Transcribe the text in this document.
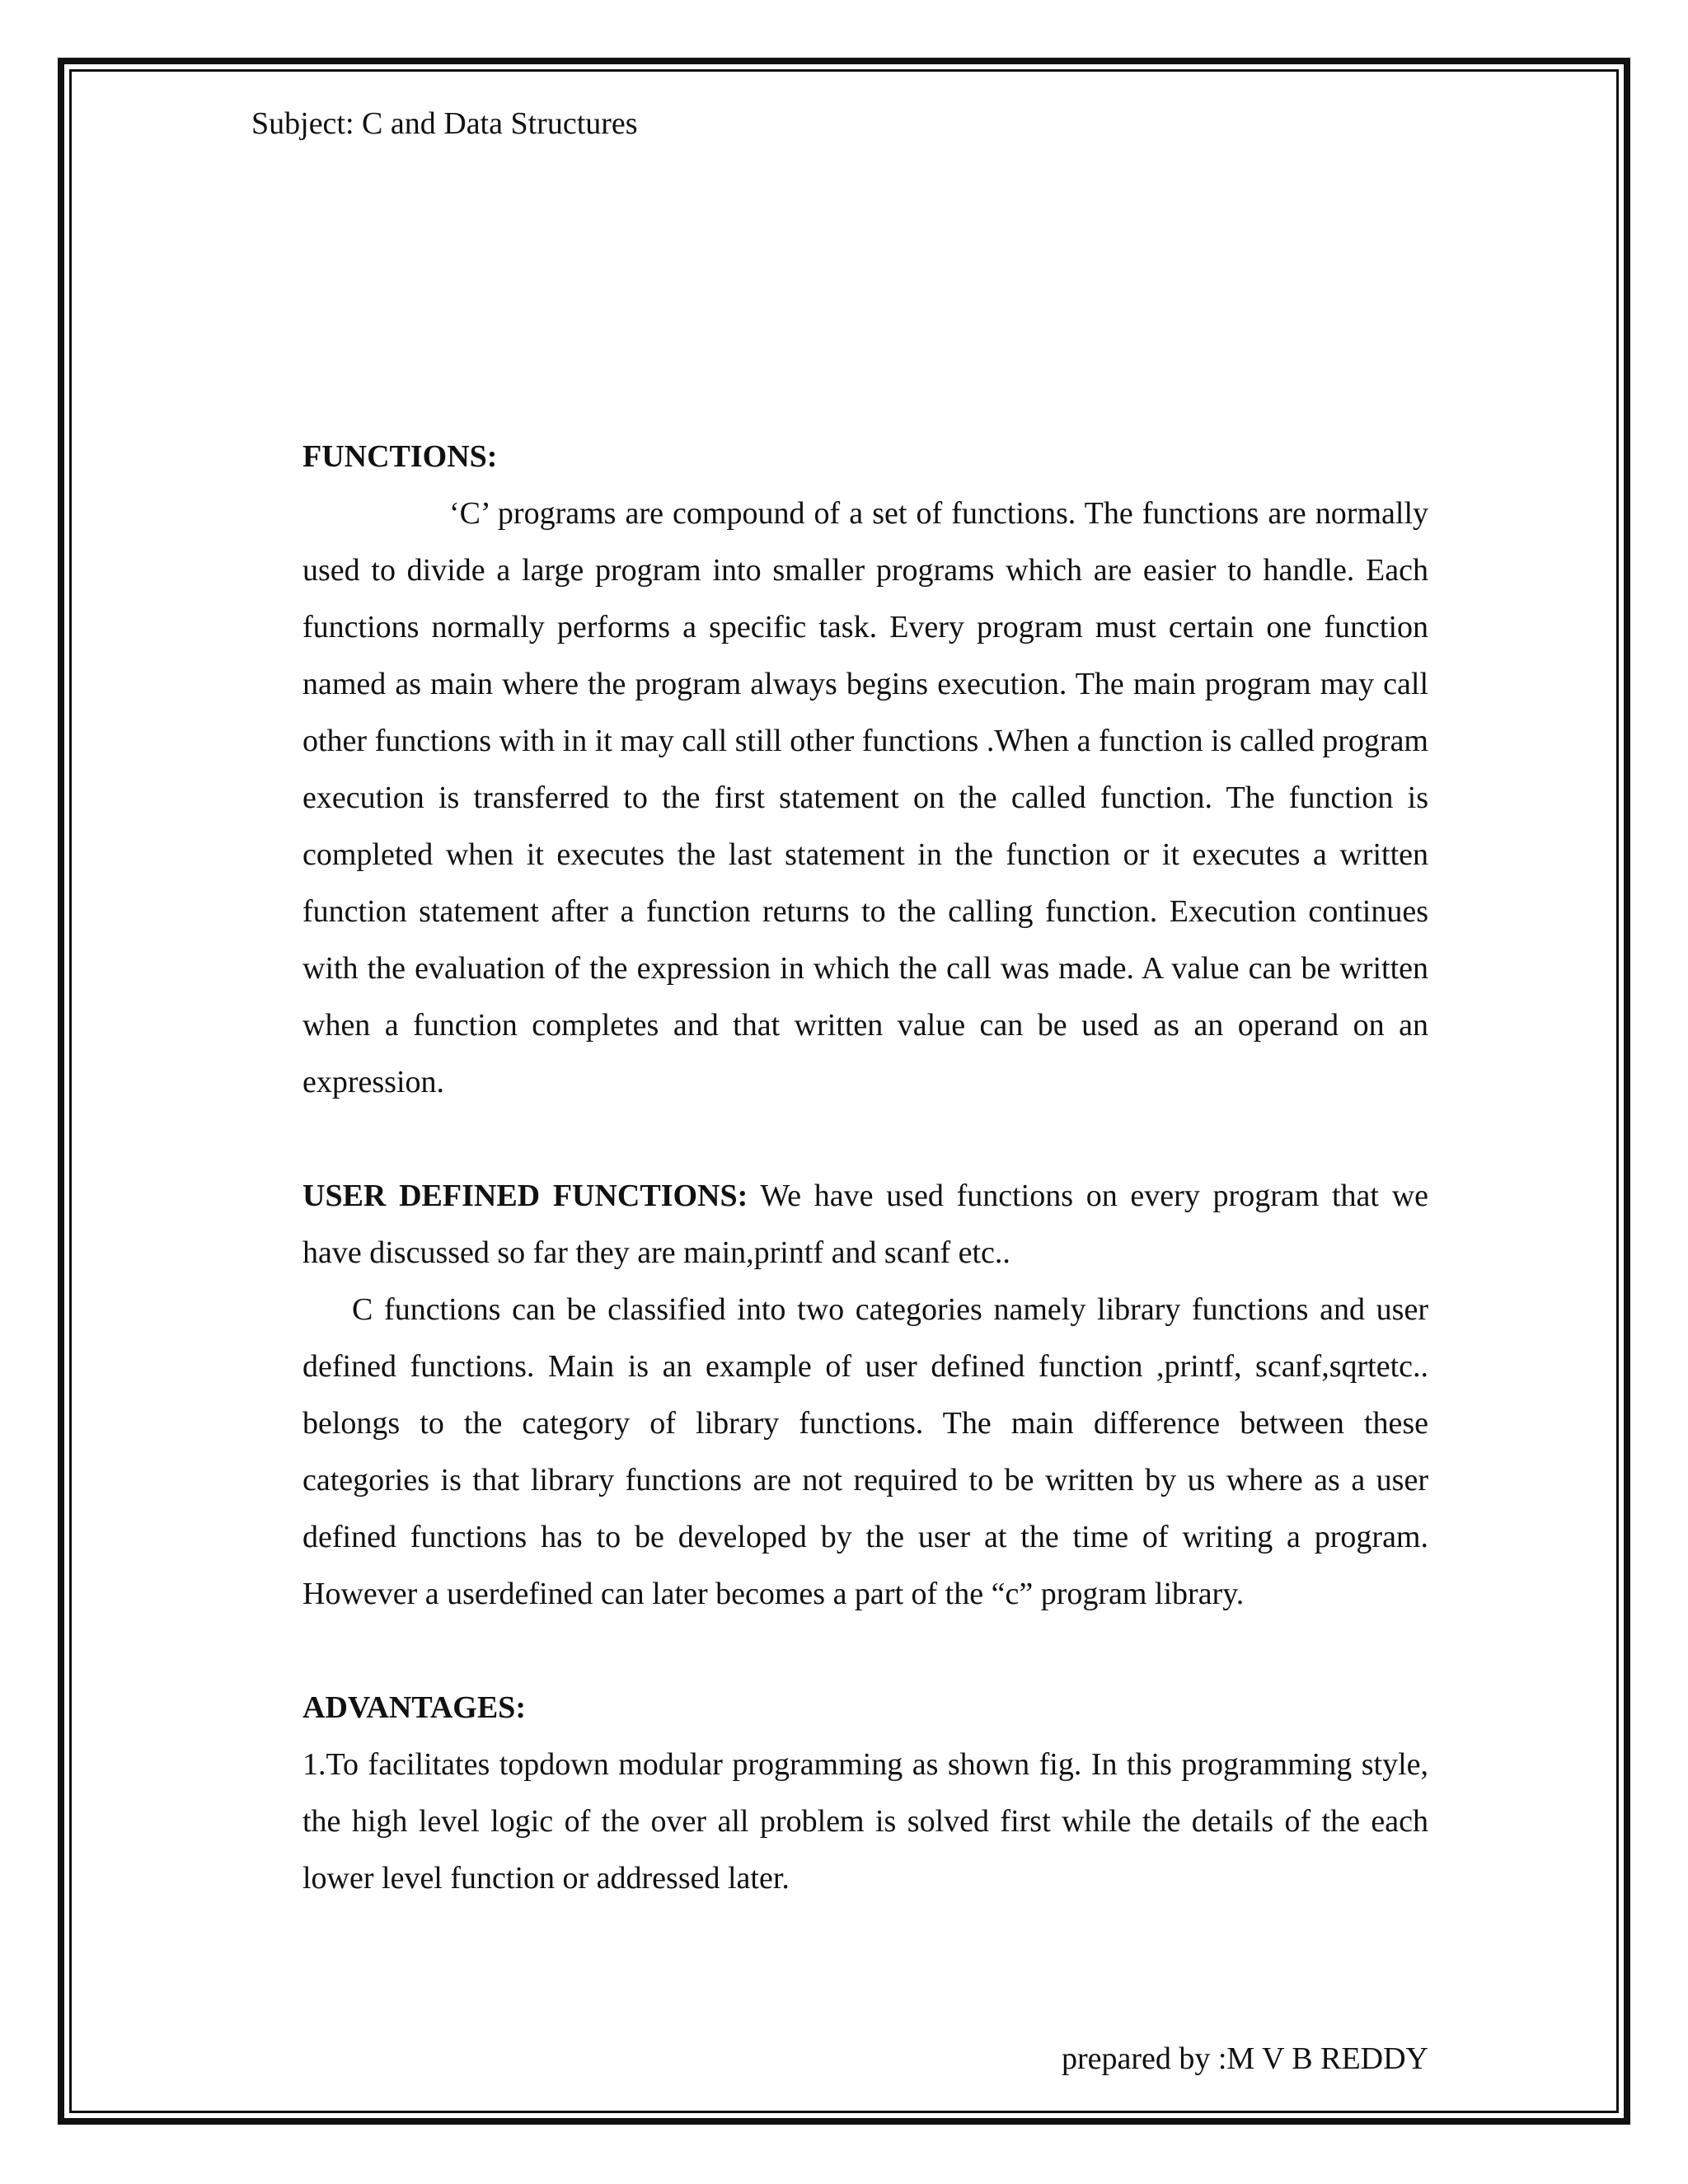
Subject: C and Data Structures

FUNCTIONS:

‘C’ programs are compound of a set of functions. The functions are normally used to divide a large program into smaller programs which are easier to handle. Each functions normally performs a specific task. Every program must certain one function named as main where the program always begins execution. The main program may call other functions with in it may call still other functions .When a function is called program execution is transferred to the first statement on the called function. The function is completed when it executes the last statement in the function or it executes a written function statement after a function returns to the calling function. Execution continues with the evaluation of the expression in which the call was made. A value can be written when a function completes and that written value can be used as an operand on an expression.

USER DEFINED FUNCTIONS: We have used functions on every program that we have discussed so far they are main,printf and scanf etc..

C functions can be classified into two categories namely library functions and user defined functions. Main is an example of user defined function ,printf, scanf,sqrtetc.. belongs to the category of library functions. The main difference between these categories is that library functions are not required to be written by us where as a user defined functions has to be developed by the user at the time of writing a program. However a userdefined can later becomes a part of the “c” program library.

ADVANTAGES:

1.To facilitates topdown modular programming as shown fig. In this programming style, the high level logic of the over all problem is solved first while the details of the each lower level function or addressed later.

prepared by :M V B REDDY
